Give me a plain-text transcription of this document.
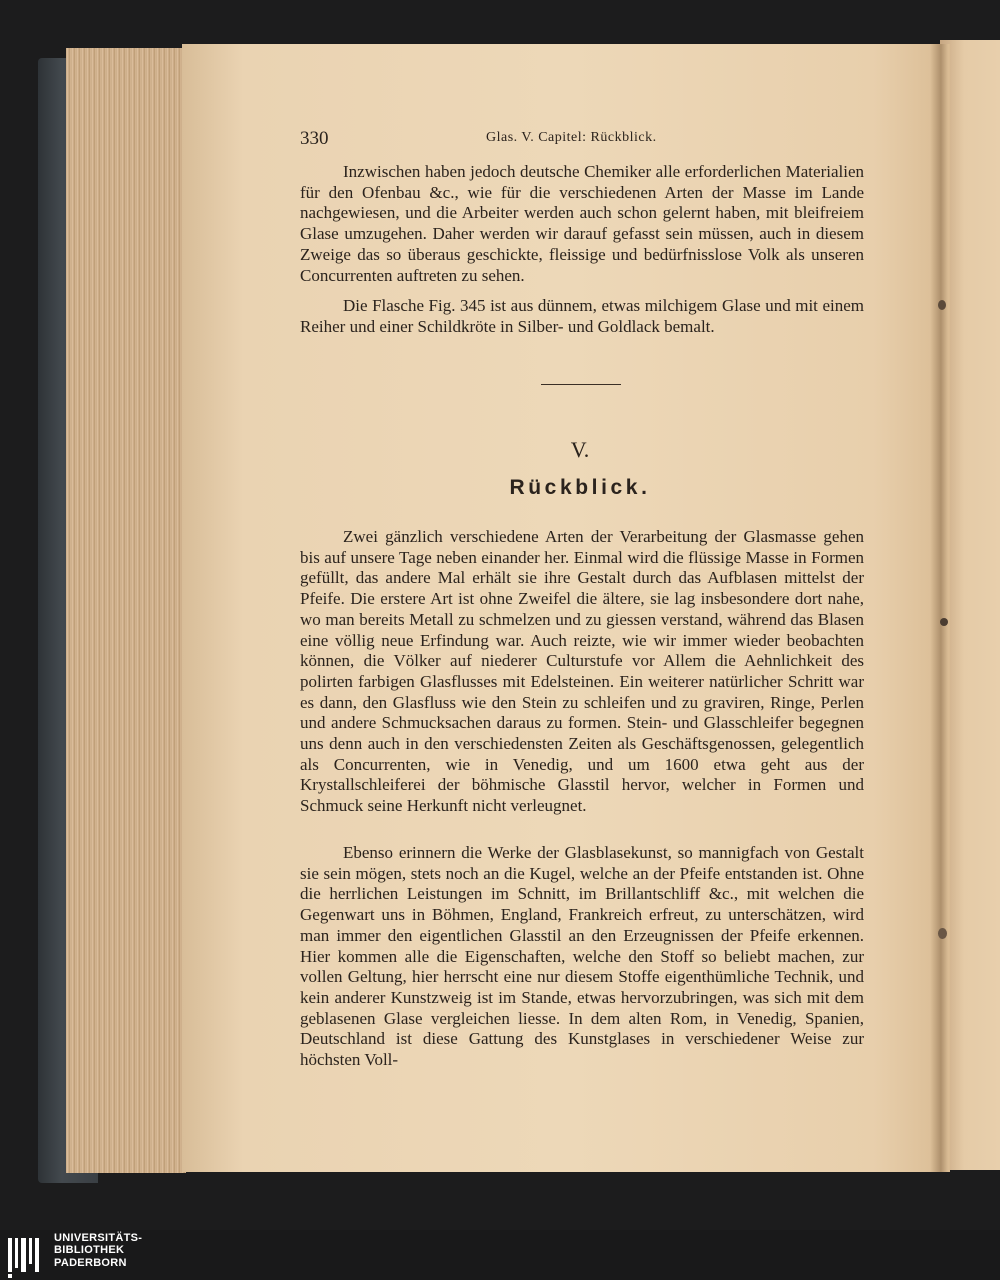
330	Glas. V. Capitel: Rückblick.

Inzwischen haben jedoch deutsche Chemiker alle erforderlichen Materialien für den Ofenbau &c., wie für die verschiedenen Arten der Masse im Lande nachgewiesen, und die Arbeiter werden auch schon gelernt haben, mit bleifreiem Glase umzugehen. Daher werden wir darauf gefasst sein müssen, auch in diesem Zweige das so überaus geschickte, fleissige und bedürfnisslose Volk als unseren Concurrenten auftreten zu sehen.

Die Flasche Fig. 345 ist aus dünnem, etwas milchigem Glase und mit einem Reiher und einer Schildkröte in Silber- und Goldlack bemalt.

V.
Rückblick.

Zwei gänzlich verschiedene Arten der Verarbeitung der Glasmasse gehen bis auf unsere Tage neben einander her. Einmal wird die flüssige Masse in Formen gefüllt, das andere Mal erhält sie ihre Gestalt durch das Aufblasen mittelst der Pfeife. Die erstere Art ist ohne Zweifel die ältere, sie lag insbesondere dort nahe, wo man bereits Metall zu schmelzen und zu giessen verstand, während das Blasen eine völlig neue Erfindung war. Auch reizte, wie wir immer wieder beobachten können, die Völker auf niederer Culturstufe vor Allem die Aehnlichkeit des polirten farbigen Glasflusses mit Edelsteinen. Ein weiterer natürlicher Schritt war es dann, den Glasfluss wie den Stein zu schleifen und zu graviren, Ringe, Perlen und andere Schmucksachen daraus zu formen. Stein- und Glasschleifer begegnen uns denn auch in den verschiedensten Zeiten als Geschäftsgenossen, gelegentlich als Concurrenten, wie in Venedig, und um 1600 etwa geht aus der Krystallschleiferei der böhmische Glasstil hervor, welcher in Formen und Schmuck seine Herkunft nicht verleugnet.

Ebenso erinnern die Werke der Glasblasekunst, so mannigfach von Gestalt sie sein mögen, stets noch an die Kugel, welche an der Pfeife entstanden ist. Ohne die herrlichen Leistungen im Schnitt, im Brillantschliff &c., mit welchen die Gegenwart uns in Böhmen, England, Frankreich erfreut, zu unterschätzen, wird man immer den eigentlichen Glasstil an den Erzeugnissen der Pfeife erkennen. Hier kommen alle die Eigenschaften, welche den Stoff so beliebt machen, zur vollen Geltung, hier herrscht eine nur diesem Stoffe eigenthümliche Technik, und kein anderer Kunstzweig ist im Stande, etwas hervorzubringen, was sich mit dem geblasenen Glase vergleichen liesse. In dem alten Rom, in Venedig, Spanien, Deutschland ist diese Gattung des Kunstglases in verschiedener Weise zur höchsten Voll-

UNIVERSITÄTS-
BIBLIOTHEK
PADERBORN
